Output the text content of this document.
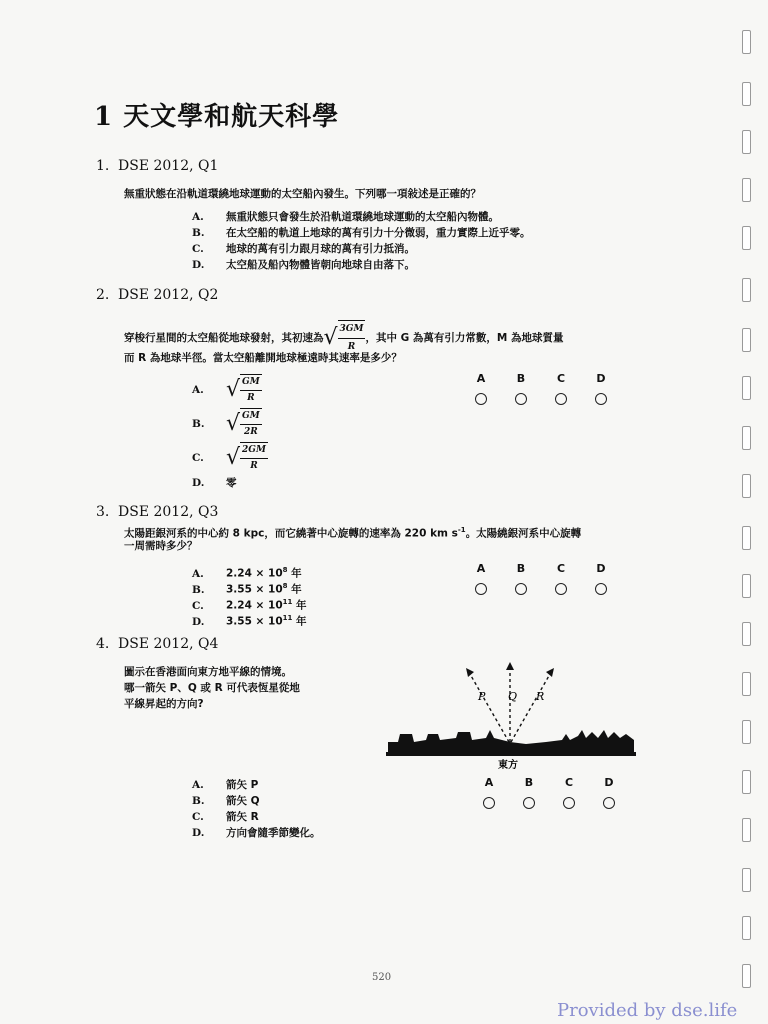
1 天文學和航天科學
1. DSE 2012, Q1
無重狀態在沿軌道環繞地球運動的太空船內發生。下列哪一項敍述是正確的？
A. 無重狀態只會發生於沿軌道環繞地球運動的太空船內物體。
B. 在太空船的軌道上地球的萬有引力十分微弱，重力實際上近乎零。
C. 地球的萬有引力跟月球的萬有引力抵消。
D. 太空船及船內物體皆朝向地球自由落下。
2. DSE 2012, Q2
穿梭行星間的太空船從地球發射，其初速為 √ $\frac{3GM}{R}$ ，其中 G 為萬有引力常數，M 為地球質量
而 R 為地球半徑。當太空船離開地球極遠時其速率是多少？
A. √ $\frac{GM}{R}$
B. √ $\frac{GM}{2R}$
C. √ $\frac{2GM}{R}$
D. 零
A	B	C	D
3. DSE 2012, Q3
太陽距銀河系的中心約 8 kpc，而它繞著中心旋轉的速率為 220 km $s^{-1}$。太陽繞銀河系中心旋轉
一周需時多少？
A. $2.24 \times 10^8$ 年
B. $3.55 \times 10^8$ 年
C. $2.24 \times 10^{11}$ 年
D. $3.55 \times 10^{11}$ 年
A	B	C	D
4. DSE 2012, Q4
圖示在香港面向東方地平線的情境。
哪一箭矢 P、Q 或 R 可代表恆星從地
平線昇起的方向?
P Q R
東方
A. 箭矢 P
B. 箭矢 Q
C. 箭矢 R
D. 方向會隨季節變化。
A	B	C	D
520
Provided by dse.life
